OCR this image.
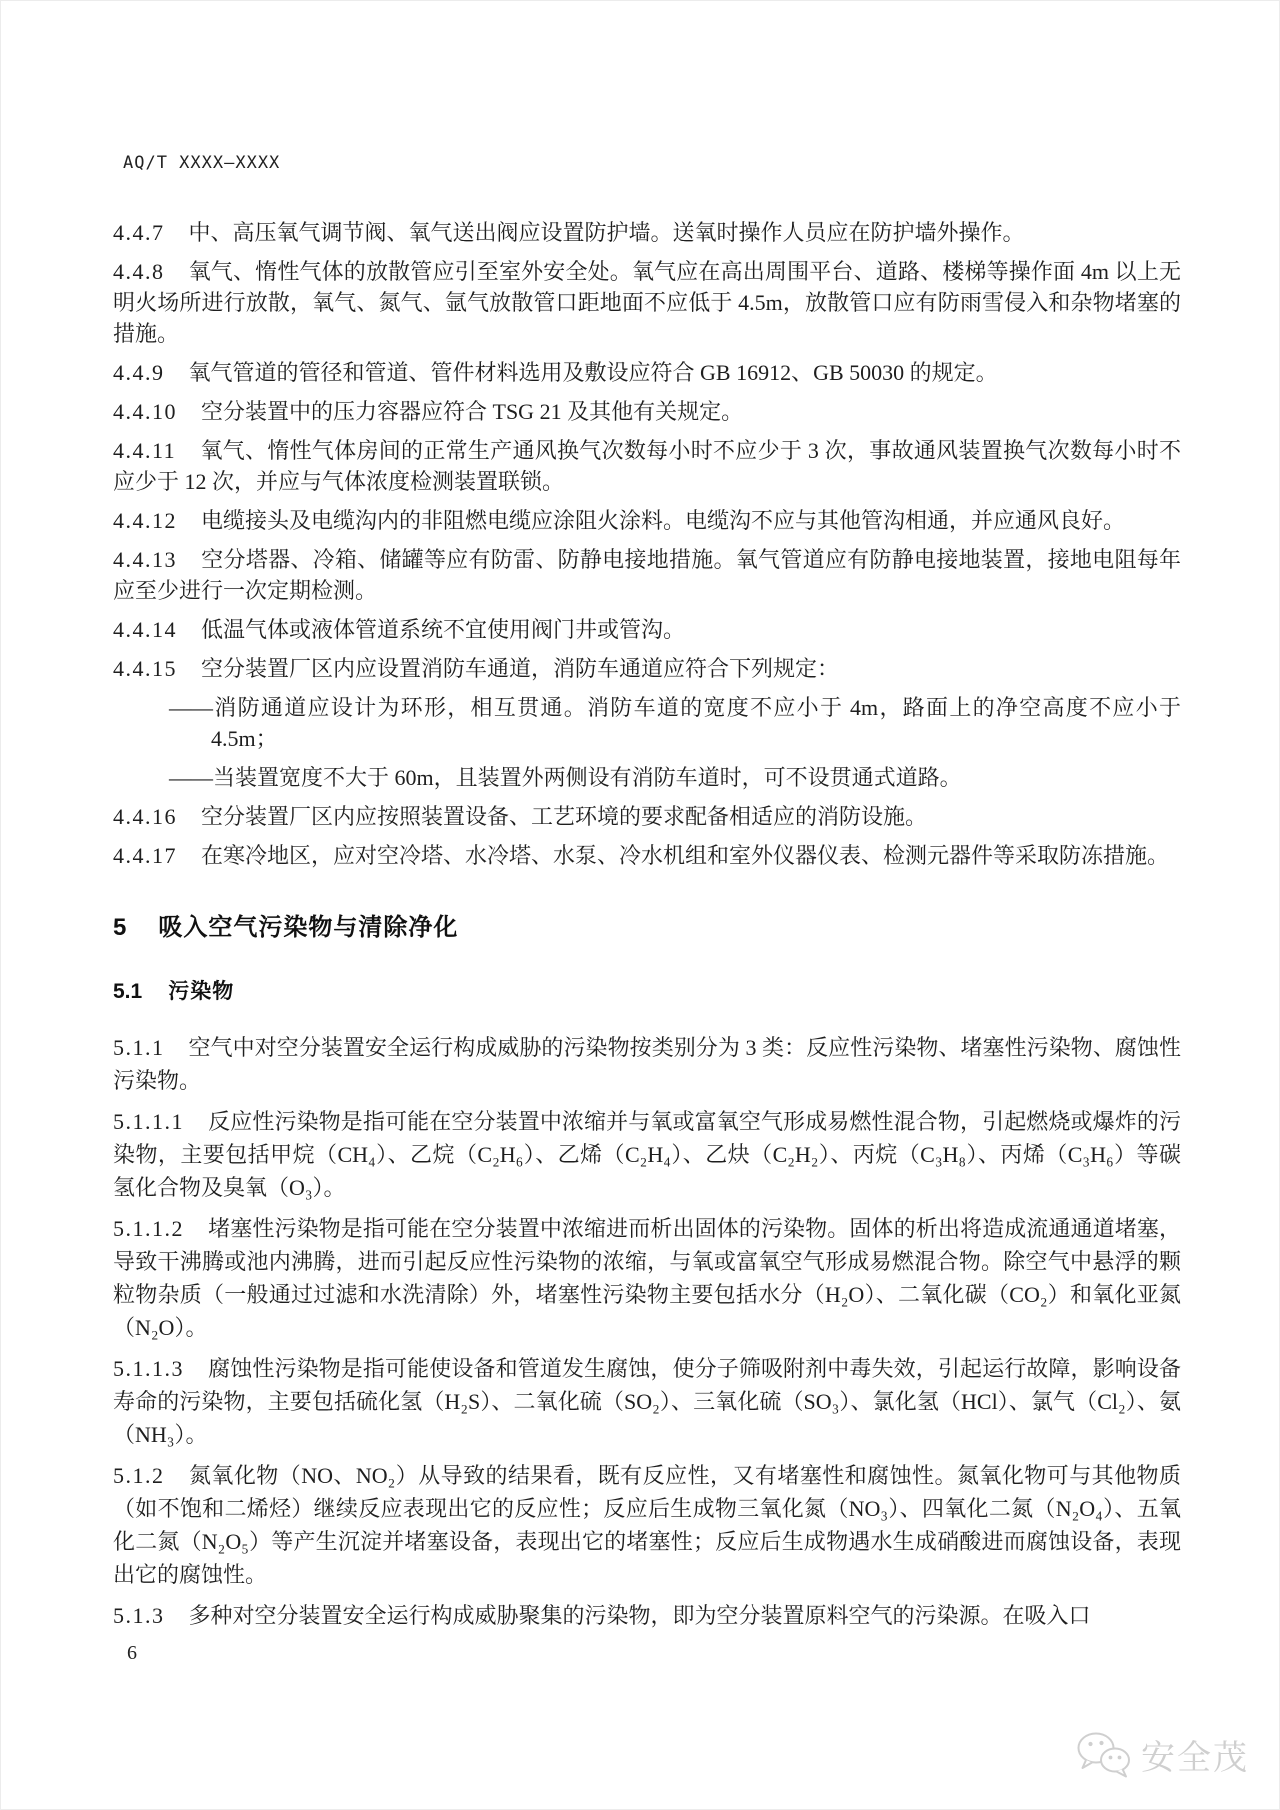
AQ/T XXXX—XXXX

4.4.7 中、高压氧气调节阀、氧气送出阀应设置防护墙。送氧时操作人员应在防护墙外操作。

4.4.8 氧气、惰性气体的放散管应引至室外安全处。氧气应在高出周围平台、道路、楼梯等操作面 4m 以上无明火场所进行放散，氧气、氮气、氩气放散管口距地面不应低于 4.5m，放散管口应有防雨雪侵入和杂物堵塞的措施。

4.4.9 氧气管道的管径和管道、管件材料选用及敷设应符合 GB 16912、GB 50030 的规定。

4.4.10 空分装置中的压力容器应符合 TSG 21 及其他有关规定。

4.4.11 氧气、惰性气体房间的正常生产通风换气次数每小时不应少于 3 次，事故通风装置换气次数每小时不应少于 12 次，并应与气体浓度检测装置联锁。

4.4.12 电缆接头及电缆沟内的非阻燃电缆应涂阻火涂料。电缆沟不应与其他管沟相通，并应通风良好。

4.4.13 空分塔器、冷箱、储罐等应有防雷、防静电接地措施。氧气管道应有防静电接地装置，接地电阻每年应至少进行一次定期检测。

4.4.14 低温气体或液体管道系统不宜使用阀门井或管沟。

4.4.15 空分装置厂区内应设置消防车通道，消防车通道应符合下列规定：

——消防通道应设计为环形，相互贯通。消防车道的宽度不应小于 4m，路面上的净空高度不应小于 4.5m；

——当装置宽度不大于 60m，且装置外两侧设有消防车道时，可不设贯通式道路。

4.4.16 空分装置厂区内应按照装置设备、工艺环境的要求配备相适应的消防设施。

4.4.17 在寒冷地区，应对空冷塔、水冷塔、水泵、冷水机组和室外仪器仪表、检测元器件等采取防冻措施。

5 吸入空气污染物与清除净化
5.1 污染物

5.1.1 空气中对空分装置安全运行构成威胁的污染物按类别分为 3 类：反应性污染物、堵塞性污染物、腐蚀性污染物。

5.1.1.1 反应性污染物是指可能在空分装置中浓缩并与氧或富氧空气形成易燃性混合物，引起燃烧或爆炸的污染物，主要包括甲烷（CH₄）、乙烷（C₂H₆）、乙烯（C₂H₄）、乙炔（C₂H₂）、丙烷（C₃H₈）、丙烯（C₃H₆）等碳氢化合物及臭氧（O₃）。

5.1.1.2 堵塞性污染物是指可能在空分装置中浓缩进而析出固体的污染物。固体的析出将造成流通通道堵塞，导致干沸腾或池内沸腾，进而引起反应性污染物的浓缩，与氧或富氧空气形成易燃混合物。除空气中悬浮的颗粒物杂质（一般通过过滤和水洗清除）外，堵塞性污染物主要包括水分（H₂O）、二氧化碳（CO₂）和氧化亚氮（N₂O）。

5.1.1.3 腐蚀性污染物是指可能使设备和管道发生腐蚀，使分子筛吸附剂中毒失效，引起运行故障，影响设备寿命的污染物，主要包括硫化氢（H₂S）、二氧化硫（SO₂）、三氧化硫（SO₃）、氯化氢（HCl）、氯气（Cl₂）、氨（NH₃）。

5.1.2 氮氧化物（NO、NO₂）从导致的结果看，既有反应性，又有堵塞性和腐蚀性。氮氧化物可与其他物质（如不饱和二烯烃）继续反应表现出它的反应性；反应后生成物三氧化氮（NO₃）、四氧化二氮（N₂O₄）、五氧化二氮（N₂O₅）等产生沉淀并堵塞设备，表现出它的堵塞性；反应后生成物遇水生成硝酸进而腐蚀设备，表现出它的腐蚀性。

5.1.3 多种对空分装置安全运行构成威胁聚集的污染物，即为空分装置原料空气的污染源。在吸入口

6
安全茂
